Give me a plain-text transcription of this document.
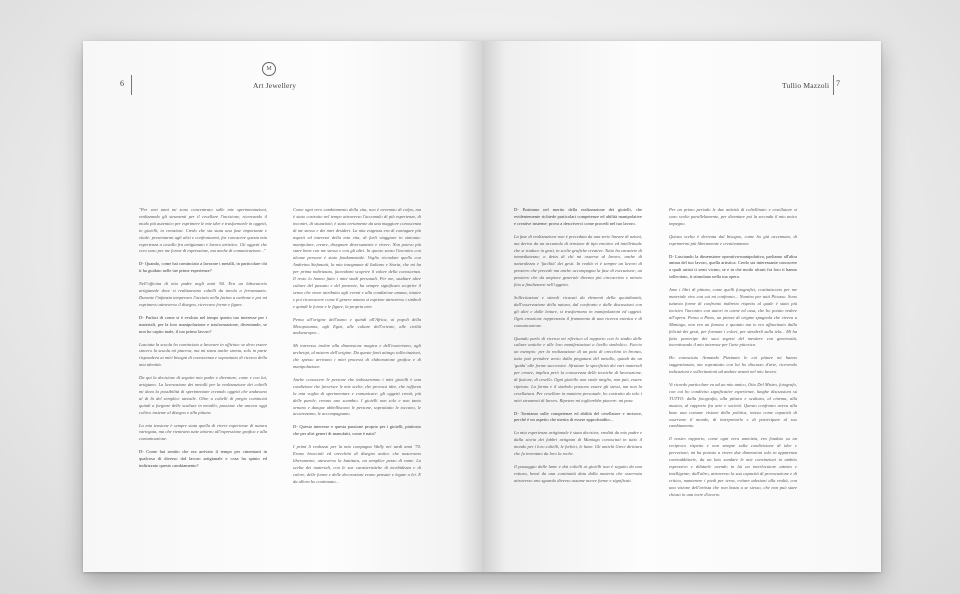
6
M
Art Jewellery

"Per vari anni mi sono concentrato sulle mie sperimentazioni, realizzando gli strumenti per il cesellare l'incisione, ricercando il modo più autentico per esprimere le mie idee e trasformarle in oggetti, in gioielli, in creazioni. Credo che sia stata una fase importante e vitale: presentarmi agli altri e confrontarmi, far conoscere questa mia esperienza a cavallo fra artigianato e lavoro artistico. Gli oggetti che creo sono per me forme di espressione, ma anche di comunicazione..."

D- Quando, come hai cominciato a lavorare i metalli, in particolare chi ti ha guidato nelle tue prime esperienze?

Nell'officina di mio padre negli anni '60. Era un laboratorio artigianale dove si realizzavano cobelli da tavola a ferramazzio. Durante l'infanzia temperavo l'acciaio nella fucina a carbone e poi mi esprimevo attraverso il disegno, ricercavo forme e figure.

D- Parlaci di come si è evoluto nel tempo questo tuo interesse per i materiali, per la loro manipolazione e trasformazione, diventando, se non ho capito male, il tuo primo lavoro?

Lasciata la scuola ho cominciato a lavorare in officina: se devo essere sincero la scuola mi piaceva, ma mi stava anche stretta, solo in parte rispondeva ai miei bisogni di conoscenza e soprattutto di ricerca della mia identità.

Da qui la decisione di seguire mio padre e diventare, come e con lui, artigiano. La lavorazione dei metalli per la realizzazione dei coltelli mi dava la possibilità di sperimentare creando oggetti che andavano al di là del semplice utensile. Oltre a coltelli di pregio cominciai quindi a forgiare delle sculture in metallo, passione che ancora oggi coltivo insieme al disegno e alla pittura.

La mia tensione è sempre stata quella di vivere esperienze di natura variegata, ma che rientrano tutte attorno all'espressione grafica e alla comunicazione.

D- Come hai sentito che era arrivato il tempo per cimentarti in qualcosa di diverso dal lavoro artigianale e cosa ha spinto ed indirizzato questo cambiamento?

Come ogni vero cambiamento della vita, non è avvenuto di colpo, ma è stato costruito nel tempo attraverso l'accumulo di più esperienze, di incontri, di situazioni; è stato certamente da una maggiore conoscenza di me stesso e dei miei desideri. La mia esigenza era di coniugare più aspetti ed interessi della mia vita, di farli viaggiare in sintonia: manipolare, creare, disegnare diversamente e vivere. Non potevo più stare bene con me stesso e con gli altri. In questo senso l'incontro con alcune persone è stato fondamentale. Voglio ricordare quello con Andreina Stefanutti, la mia insegnante di Italiano e Storia, che mi ha per prima indirizzato, facendomi scoprire il valore della conoscenza. Il resto lo hanno fatto i miei studi personali. Per me, studiare altre culture del passato e del presente, ha sempre significato scoprire il senso che viene attribuito agli eventi e alla condizione umana, intuire e poi riconoscere come il genere umano si esprime attraverso i simboli e quindi le forme e le figure, la propria arte.

Penso all'origine dell'uomo e quindi all'Africa, ai popoli della Mesopotamia, agli Egizi, alle culture dell'oriente, alle civiltà andoeuropee...

Mi interesso inoltre alla dimensione magica e dell'esoterismo, agli archetipi, al mistero dell'origine. Da queste fonti attingo sollecitazioni, che spesso arrivano i miei processi di elaborazione grafica e di manipolazione.

Anche conoscere le persone che indosseranno i miei gioielli è una condizione che favorisce le mie scelte, che provoca idee, che rafforza la mia voglia di sperimentare e comunicare: gli oggetti creati, più delle parole, creano uno scambio. I gioielli non solo e non tanto ornano e dunque abbelliscono le persone, soprattutto le toccano, le accarezzano, le accompagnano.

D- Questo interesse e questa passione proprio per i gioielli, piuttosto che per altri generi di manufatti, come è nata?

I primi li realizzai per la mia compagna Wally nei tardi anni '70. Erano bracciali ed orecchini di disegno antico che nascevano liberamente, attraverso la battitura, un semplice pezzo di rame. La scelta dei materiali, con le sue caratteristiche di morbidezza e di calore, delle forme e delle decorazioni erano pensate e legate a lei. E da allora ho continuato...

Tullio Mazzoli 7

D- Entriamo nel merito della realizzazione dei gioielli, che evidentemente richiede particolari competenze ed abilità manipolative e creative insieme: prova a descriverci come procedi nel tuo lavoro.

La fase di realizzazione non è preceduta da una serie lineare di azioni, ma deriva da un accumulo di tensione di tipo emotivo ed intellettuale che si traduce in gesti, in scelte grafiche creative. Tutto ha carattere di immediatezza; a detta di chi mi osserva al lavoro, anche di naturalezza e 'facilità' dei gesti. In realtà vi è sempre un lavoro di pensiero che precede ma anche accompagna la fase di esecuzione; un pensiero che da ampiore generale diventa più circoscritto e mirato fino a finalizzarsi nell'oggetto.

Sollecitazioni e stimoli ricavati da elementi della quotidianità, dall'osservazione della natura, dal confronto e dalle discussioni con gli altri e dalle letture, si trasformano in manipolazioni ed oggetti. Ogni creazione rappresenta il frammento di una ricerca estetica e di comunicazione.

Quando parlo di ricerca mi riferisco al rapporto con lo studio delle culture antiche e alle loro manifestazioni a livello simbolico. Faccio un esempio: per la realizzazione di un paio di orecchini in bronzo, tutto può prendere avvio dalla piegatura del metallo, quindi da un 'guida' alle forme successive. Sfruttare le specificità dei vari materiali per creare, implica però la conoscenza delle tecniche di lavorazione, di fusione, di cesello. Ogni gioiello non vuole meglio, non può, essere ripetuto. La forma e il simbolo possono essere gli stessi, ma non la cesellatura. Per cesellare in maniera personale, ho costruito da solo i miei strumenti di lavoro. Ripetere mi toglierebbe piacere: mi pesa.

D- Torniamo sulle competenze ed abilità del cesellatore e incisore, perché è un aspetto che merita di essere approfondito...

La mia esperienza artigianale è stata decisiva; eredità da mio padre e dalla storia dei fabbri artigiani di Maniago conosciuti in tutto il mondo per i loro coltelli, le forbici, le lame. Gli antichi Greci dirittura che fu inventato da loro la roche.

Il passaggio dalle lame e dai coltelli ai gioielli non è seguito da una rottura, bensì da una continuità data dalla materia che osservata attraverso uno sguardo diverso assume nuove forme e significati.

Per un primo periodo le due attività di coltellinaio e cesellatore si sono svolte parallelamente, per diventare poi la seconda il mio unico impegno.

Questa scelta è derivata dal bisogno, come ho già accennato, di esprimermi più liberamente e creativamente.

D- Lasciando la dimensione operativa-manipolativa, parliamo all'altra anima del tuo lavoro, quella artistica. Credo sia interessante conoscere a quali artisti ti senti vicino, se e in che modo alcuni fra loro ti hanno sollecitato, ti stimolano nella tua opera.

Amo i libri di pittura, come quelli fotografici, costituiscono per me materiale vivo con cui mi confronto... Nomino per tutti Picasso. Sono tuttavia forme di confronto indiretto rispetto al quale è stato più incisivo l'incontro con autori in carne ed ossa, che ho potuto vedere all'opera. Penso a Pinto, un pittore di origine spagnola che viveva a Maniago, non era un famoso e quotato ma io ero affascinato dalla felicità dei gesti, per formare i colori, per stenderli sulla tela... Mi ha fatto partecipe dei suoi segreti del mestiere con generosità, incentivando il mio interesse per l'arte pittorica.

Ho conosciuto Armando Pizzinato le cui pitture mi hanno suggestionato, ma soprattutto con lui ho discusso d'arte, ricevendo indicazioni e sollecitazioni ad andare avanti nel mio lavoro.

Vi ricordo particolare va ad un mio amico, Otto Del Mistro, fotografo, con cui ho condiviso significative esperienze, lunghe discussioni su TUTTO: dalla fotografia, alla pittura e scultura, al cinema, alla musica, al rapporto fra arte e società. Questo confronto aveva alla base una comune visione della politica, intesa come capacità di osservare il mondo, di interpretarlo e di partecipare al suo cambiamento.

Il nostro rapporto, come ogni vera amicizia, era fondato su un reciproco rispetto e non sempre sulla condivisione di idee e percezioni; mi ha portato a vivere due dimensioni solo in apparenza contraddittorie, da un lato sondare le mie convinzioni in ambito espressivo e dilatarle avendo in lui un interlocutore attento e intelligente; dall'altro, attraverso la sua capacità di provocazione e di critica, mantenere i piedi per terra, evitare adesioni alla realtà, con una visione dell'artista che non basta a se stesso, che non può stare chiuso in una torre d'avorio.
